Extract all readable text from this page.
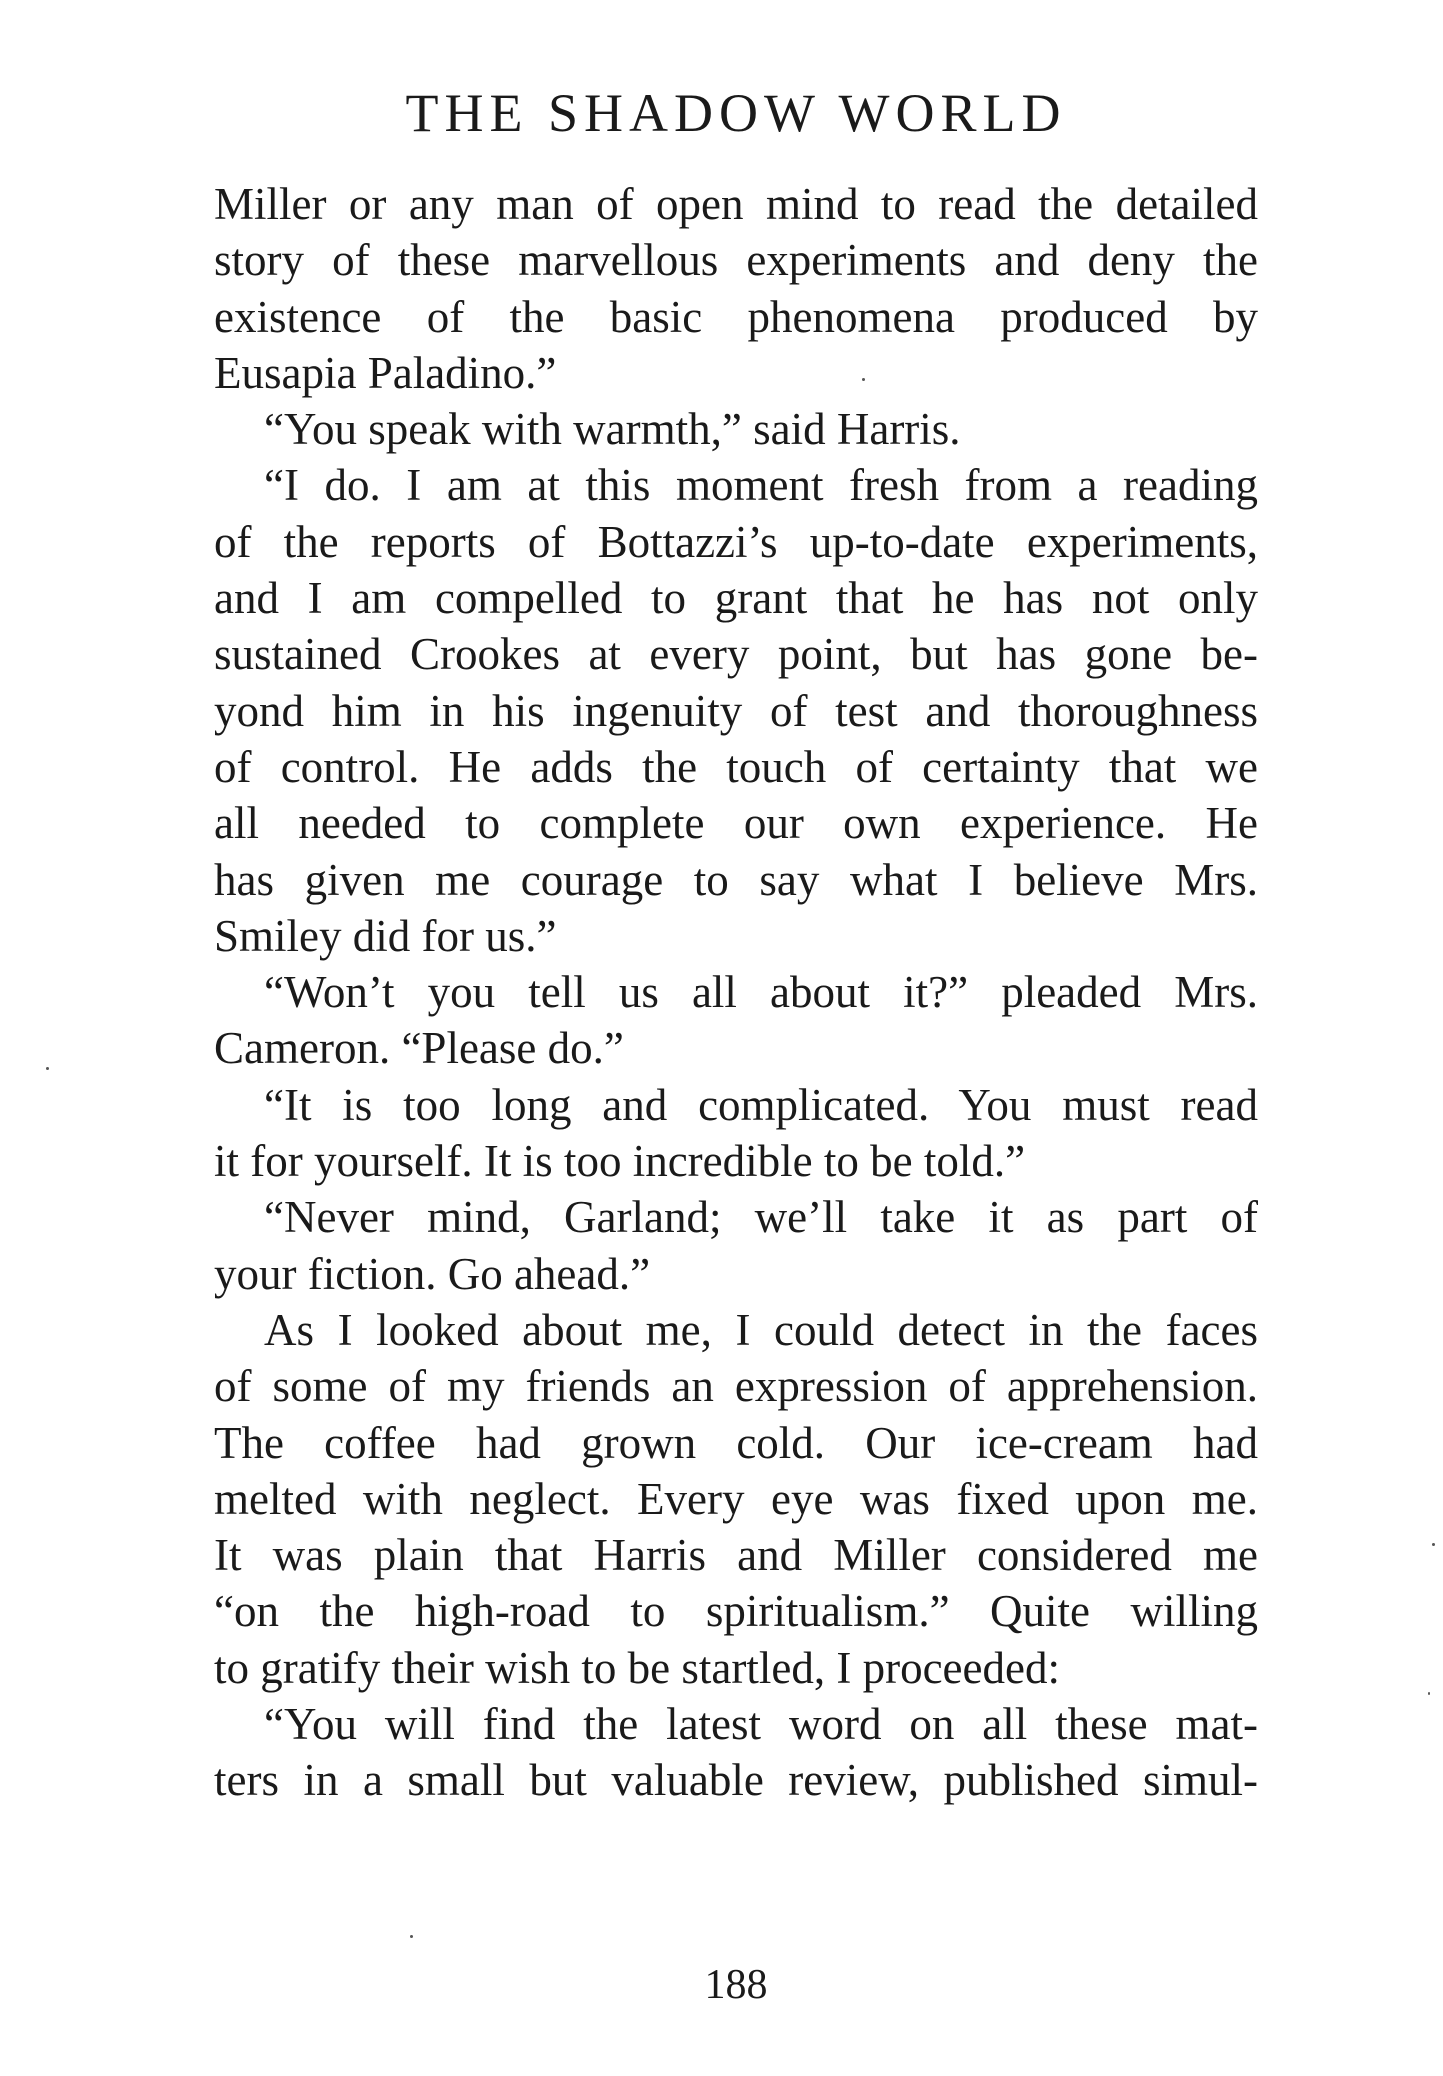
THE SHADOW WORLD
Miller or any man of open mind to read the detailed
story of these marvellous experiments and deny the
existence of the basic phenomena produced by
Eusapia Paladino.”
“You speak with warmth,” said Harris.
“I do. I am at this moment fresh from a reading
of the reports of Bottazzi’s up-to-date experiments,
and I am compelled to grant that he has not only
sustained Crookes at every point, but has gone be-
yond him in his ingenuity of test and thoroughness
of control. He adds the touch of certainty that we
all needed to complete our own experience. He
has given me courage to say what I believe Mrs.
Smiley did for us.”
“Won’t you tell us all about it?” pleaded Mrs.
Cameron. “Please do.”
“It is too long and complicated. You must read
it for yourself. It is too incredible to be told.”
“Never mind, Garland; we’ll take it as part of
your fiction. Go ahead.”
As I looked about me, I could detect in the faces
of some of my friends an expression of apprehension.
The coffee had grown cold. Our ice-cream had
melted with neglect. Every eye was fixed upon me.
It was plain that Harris and Miller considered me
“on the high-road to spiritualism.” Quite willing
to gratify their wish to be startled, I proceeded:
“You will find the latest word on all these mat-
ters in a small but valuable review, published simul-
188
